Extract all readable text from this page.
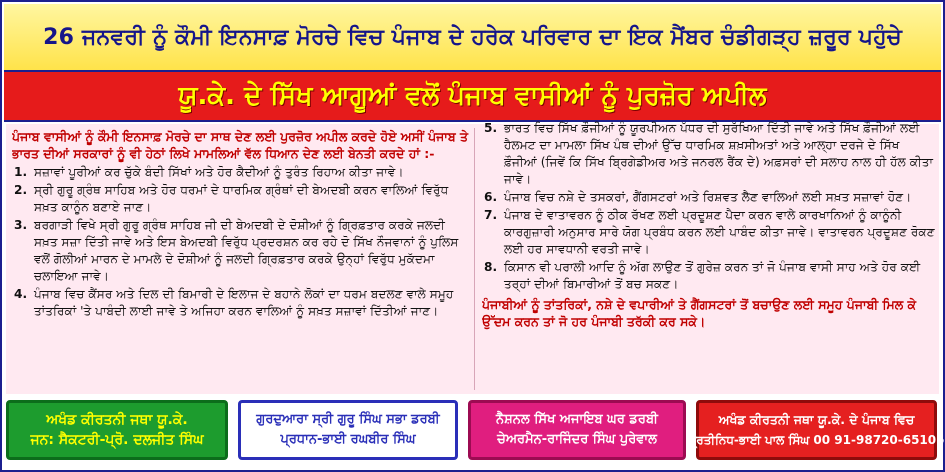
26 ਜਨਵਰੀ ਨੂੰ ਕੌਮੀ ਇਨਸਾਫ਼ ਮੋਰਚੇ ਵਿਚ ਪੰਜਾਬ ਦੇ ਹਰੇਕ ਪਰਿਵਾਰ ਦਾ ਇਕ ਮੈਂਬਰ ਚੰਡੀਗੜ੍ਹ ਜ਼ਰੂਰ ਪਹੁੰਚੇ
ਯੂ.ਕੇ. ਦੇ ਸਿੱਖ ਆਗੂਆਂ ਵਲੋਂ ਪੰਜਾਬ ਵਾਸੀਆਂ ਨੂੰ ਪੁਰਜ਼ੋਰ ਅਪੀਲ

ਪੰਜਾਬ ਵਾਸੀਆਂ ਨੂੰ ਕੌਮੀ ਇਨਸਾਫ਼ ਮੋਰਚੇ ਦਾ ਸਾਥ ਦੇਣ ਲਈ ਪੁਰਜ਼ੋਰ ਅਪੀਲ ਕਰਦੇ ਹੋਏ ਅਸੀਂ ਪੰਜਾਬ ਤੇ ਭਾਰਤ ਦੀਆਂ ਸਰਕਾਰਾਂ ਨੂੰ ਵੀ ਹੇਠਾਂ ਲਿਖੇ ਮਾਮਲਿਆਂ ਵੱਲ ਧਿਆਨ ਦੇਣ ਲਈ ਬੇਨਤੀ ਕਰਦੇ ਹਾਂ :-

1. ਸਜ਼ਾਵਾਂ ਪੂਰੀਆਂ ਕਰ ਚੁੱਕੇ ਬੰਦੀ ਸਿੱਖਾਂ ਅਤੇ ਹੋਰ ਕੈਦੀਆਂ ਨੂੰ ਤੁਰੰਤ ਰਿਹਾਅ ਕੀਤਾ ਜਾਵੇ।
2. ਸ੍ਰੀ ਗੁਰੂ ਗ੍ਰੰਥ ਸਾਹਿਬ ਅਤੇ ਹੋਰ ਧਰਮਾਂ ਦੇ ਧਾਰਮਿਕ ਗ੍ਰੰਥਾਂ ਦੀ ਬੇਅਦਬੀ ਕਰਨ ਵਾਲਿਆਂ ਵਿਰੁੱਧ ਸਖ਼ਤ ਕਾਨੂੰਨ ਬਣਾਏ ਜਾਣ।
3. ਬਰਗਾੜੀ ਵਿਖੇ ਸ੍ਰੀ ਗੁਰੂ ਗ੍ਰੰਥ ਸਾਹਿਬ ਜੀ ਦੀ ਬੇਅਦਬੀ ਦੇ ਦੋਸ਼ੀਆਂ ਨੂੰ ਗ੍ਰਿਫ਼ਤਾਰ ਕਰਕੇ ਜਲਦੀ ਸਖ਼ਤ ਸਜ਼ਾ ਦਿੱਤੀ ਜਾਵੇ ਅਤੇ ਇਸ ਬੇਅਦਬੀ ਵਿਰੁੱਧ ਪ੍ਰਦਰਸ਼ਨ ਕਰ ਰਹੇ ਦੋ ਸਿੱਖ ਨੌਜਵਾਨਾਂ ਨੂੰ ਪੁਲਿਸ ਵਲੋਂ ਗੋਲੀਆਂ ਮਾਰਨ ਦੇ ਮਾਮਲੇ ਦੇ ਦੋਸ਼ੀਆਂ ਨੂੰ ਜਲਦੀ ਗ੍ਰਿਫ਼ਤਾਰ ਕਰਕੇ ਉਨ੍ਹਾਂ ਵਿਰੁੱਧ ਮੁਕੱਦਮਾ ਚਲਾਇਆ ਜਾਵੇ।
4. ਪੰਜਾਬ ਵਿਚ ਕੈਂਸਰ ਅਤੇ ਦਿਲ ਦੀ ਬਿਮਾਰੀ ਦੇ ਇਲਾਜ ਦੇ ਬਹਾਨੇ ਲੋਕਾਂ ਦਾ ਧਰਮ ਬਦਲਣ ਵਾਲੇ ਸਮੂਹ ਤਾਂਤਰਿਕਾਂ 'ਤੇ ਪਾਬੰਦੀ ਲਾਈ ਜਾਵੇ ਤੇ ਅਜਿਹਾ ਕਰਨ ਵਾਲਿਆਂ ਨੂੰ ਸਖ਼ਤ ਸਜ਼ਾਵਾਂ ਦਿੱਤੀਆਂ ਜਾਣ।
5. ਭਾਰਤ ਵਿਚ ਸਿੱਖ ਫ਼ੌਜੀਆਂ ਨੂੰ ਯੂਰਪੀਅਨ ਪੱਧਰ ਦੀ ਸੁਰੱਖਿਆ ਦਿੱਤੀ ਜਾਵੇ ਅਤੇ ਸਿੱਖ ਫ਼ੌਜੀਆਂ ਲਈ ਹੈਲਮਟ ਦਾ ਮਾਮਲਾ ਸਿੱਖ ਪੰਥ ਦੀਆਂ ਉੱਚ ਧਾਰਮਿਕ ਸ਼ਖ਼ਸੀਅਤਾਂ ਅਤੇ ਆਲ੍ਹਾ ਦਰਜੇ ਦੇ ਸਿੱਖ ਫ਼ੌਜੀਆਂ (ਜਿਵੇਂ ਕਿ ਸਿੱਖ ਬ੍ਰਿਗੇਡੀਅਰ ਅਤੇ ਜਨਰਲ ਰੈਂਕ ਦੇ) ਅਫ਼ਸਰਾਂ ਦੀ ਸਲਾਹ ਨਾਲ ਹੀ ਹੱਲ ਕੀਤਾ ਜਾਵੇ।
6. ਪੰਜਾਬ ਵਿਚ ਨਸ਼ੇ ਦੇ ਤਸਕਰਾਂ, ਗੈਂਗਸਟਰਾਂ ਅਤੇ ਰਿਸ਼ਵਤ ਲੈਣ ਵਾਲਿਆਂ ਲਈ ਸਖ਼ਤ ਸਜ਼ਾਵਾਂ ਹੋਣ।
7. ਪੰਜਾਬ ਦੇ ਵਾਤਾਵਰਨ ਨੂੰ ਠੀਕ ਰੱਖਣ ਲਈ ਪ੍ਰਦੂਸ਼ਣ ਪੈਦਾ ਕਰਨ ਵਾਲੇ ਕਾਰਖਾਨਿਆਂ ਨੂੰ ਕਾਨੂੰਨੀ ਕਾਰਗੁਜ਼ਾਰੀ ਅਨੁਸਾਰ ਸਾਰੇ ਯੋਗ ਪ੍ਰਬੰਧ ਕਰਨ ਲਈ ਪਾਬੰਦ ਕੀਤਾ ਜਾਵੇ। ਵਾਤਾਵਰਨ ਪ੍ਰਦੂਸ਼ਣ ਰੋਕਣ ਲਈ ਹਰ ਸਾਵਧਾਨੀ ਵਰਤੀ ਜਾਵੇ।
8. ਕਿਸਾਨ ਵੀ ਪਰਾਲੀ ਆਦਿ ਨੂੰ ਅੱਗ ਲਾਉਣ ਤੋਂ ਗੁਰੇਜ਼ ਕਰਨ ਤਾਂ ਜੋ ਪੰਜਾਬ ਵਾਸੀ ਸਾਹ ਅਤੇ ਹੋਰ ਕਈ ਤਰ੍ਹਾਂ ਦੀਆਂ ਬਿਮਾਰੀਆਂ ਤੋਂ ਬਚ ਸਕਣ।

ਪੰਜਾਬੀਆਂ ਨੂੰ ਤਾਂਤਰਿਕਾਂ, ਨਸ਼ੇ ਦੇ ਵਪਾਰੀਆਂ ਤੇ ਗੈਂਗਸਟਰਾਂ ਤੋਂ ਬਚਾਉਣ ਲਈ ਸਮੂਹ ਪੰਜਾਬੀ ਮਿਲ ਕੇ ਉੱਦਮ ਕਰਨ ਤਾਂ ਜੋ ਹਰ ਪੰਜਾਬੀ ਤਰੱਕੀ ਕਰ ਸਕੇ।

ਅਖੰਡ ਕੀਰਤਨੀ ਜਥਾ ਯੂ.ਕੇ.
ਜਨ: ਸੈਕਟਰੀ-ਪ੍ਰੋ. ਦਲਜੀਤ ਸਿੰਘ
ਗੁਰਦੁਆਰਾ ਸ੍ਰੀ ਗੁਰੂ ਸਿੰਘ ਸਭਾ ਡਰਬੀ
ਪ੍ਰਧਾਨ-ਭਾਈ ਰਘਬੀਰ ਸਿੰਘ
ਨੈਸ਼ਨਲ ਸਿੱਖ ਅਜਾਇਬ ਘਰ ਡਰਬੀ
ਚੇਅਰਮੈਨ-ਰਾਜਿੰਦਰ ਸਿੰਘ ਪੁਰੇਵਾਲ
ਅਖੰਡ ਕੀਰਤਨੀ ਜਥਾ ਯੂ.ਕੇ. ਦੇ ਪੰਜਾਬ ਵਿਚ
ਪ੍ਰਤੀਨਿਧ-ਭਾਈ ਪਾਲ ਸਿੰਘ 00 91-98720-65105
